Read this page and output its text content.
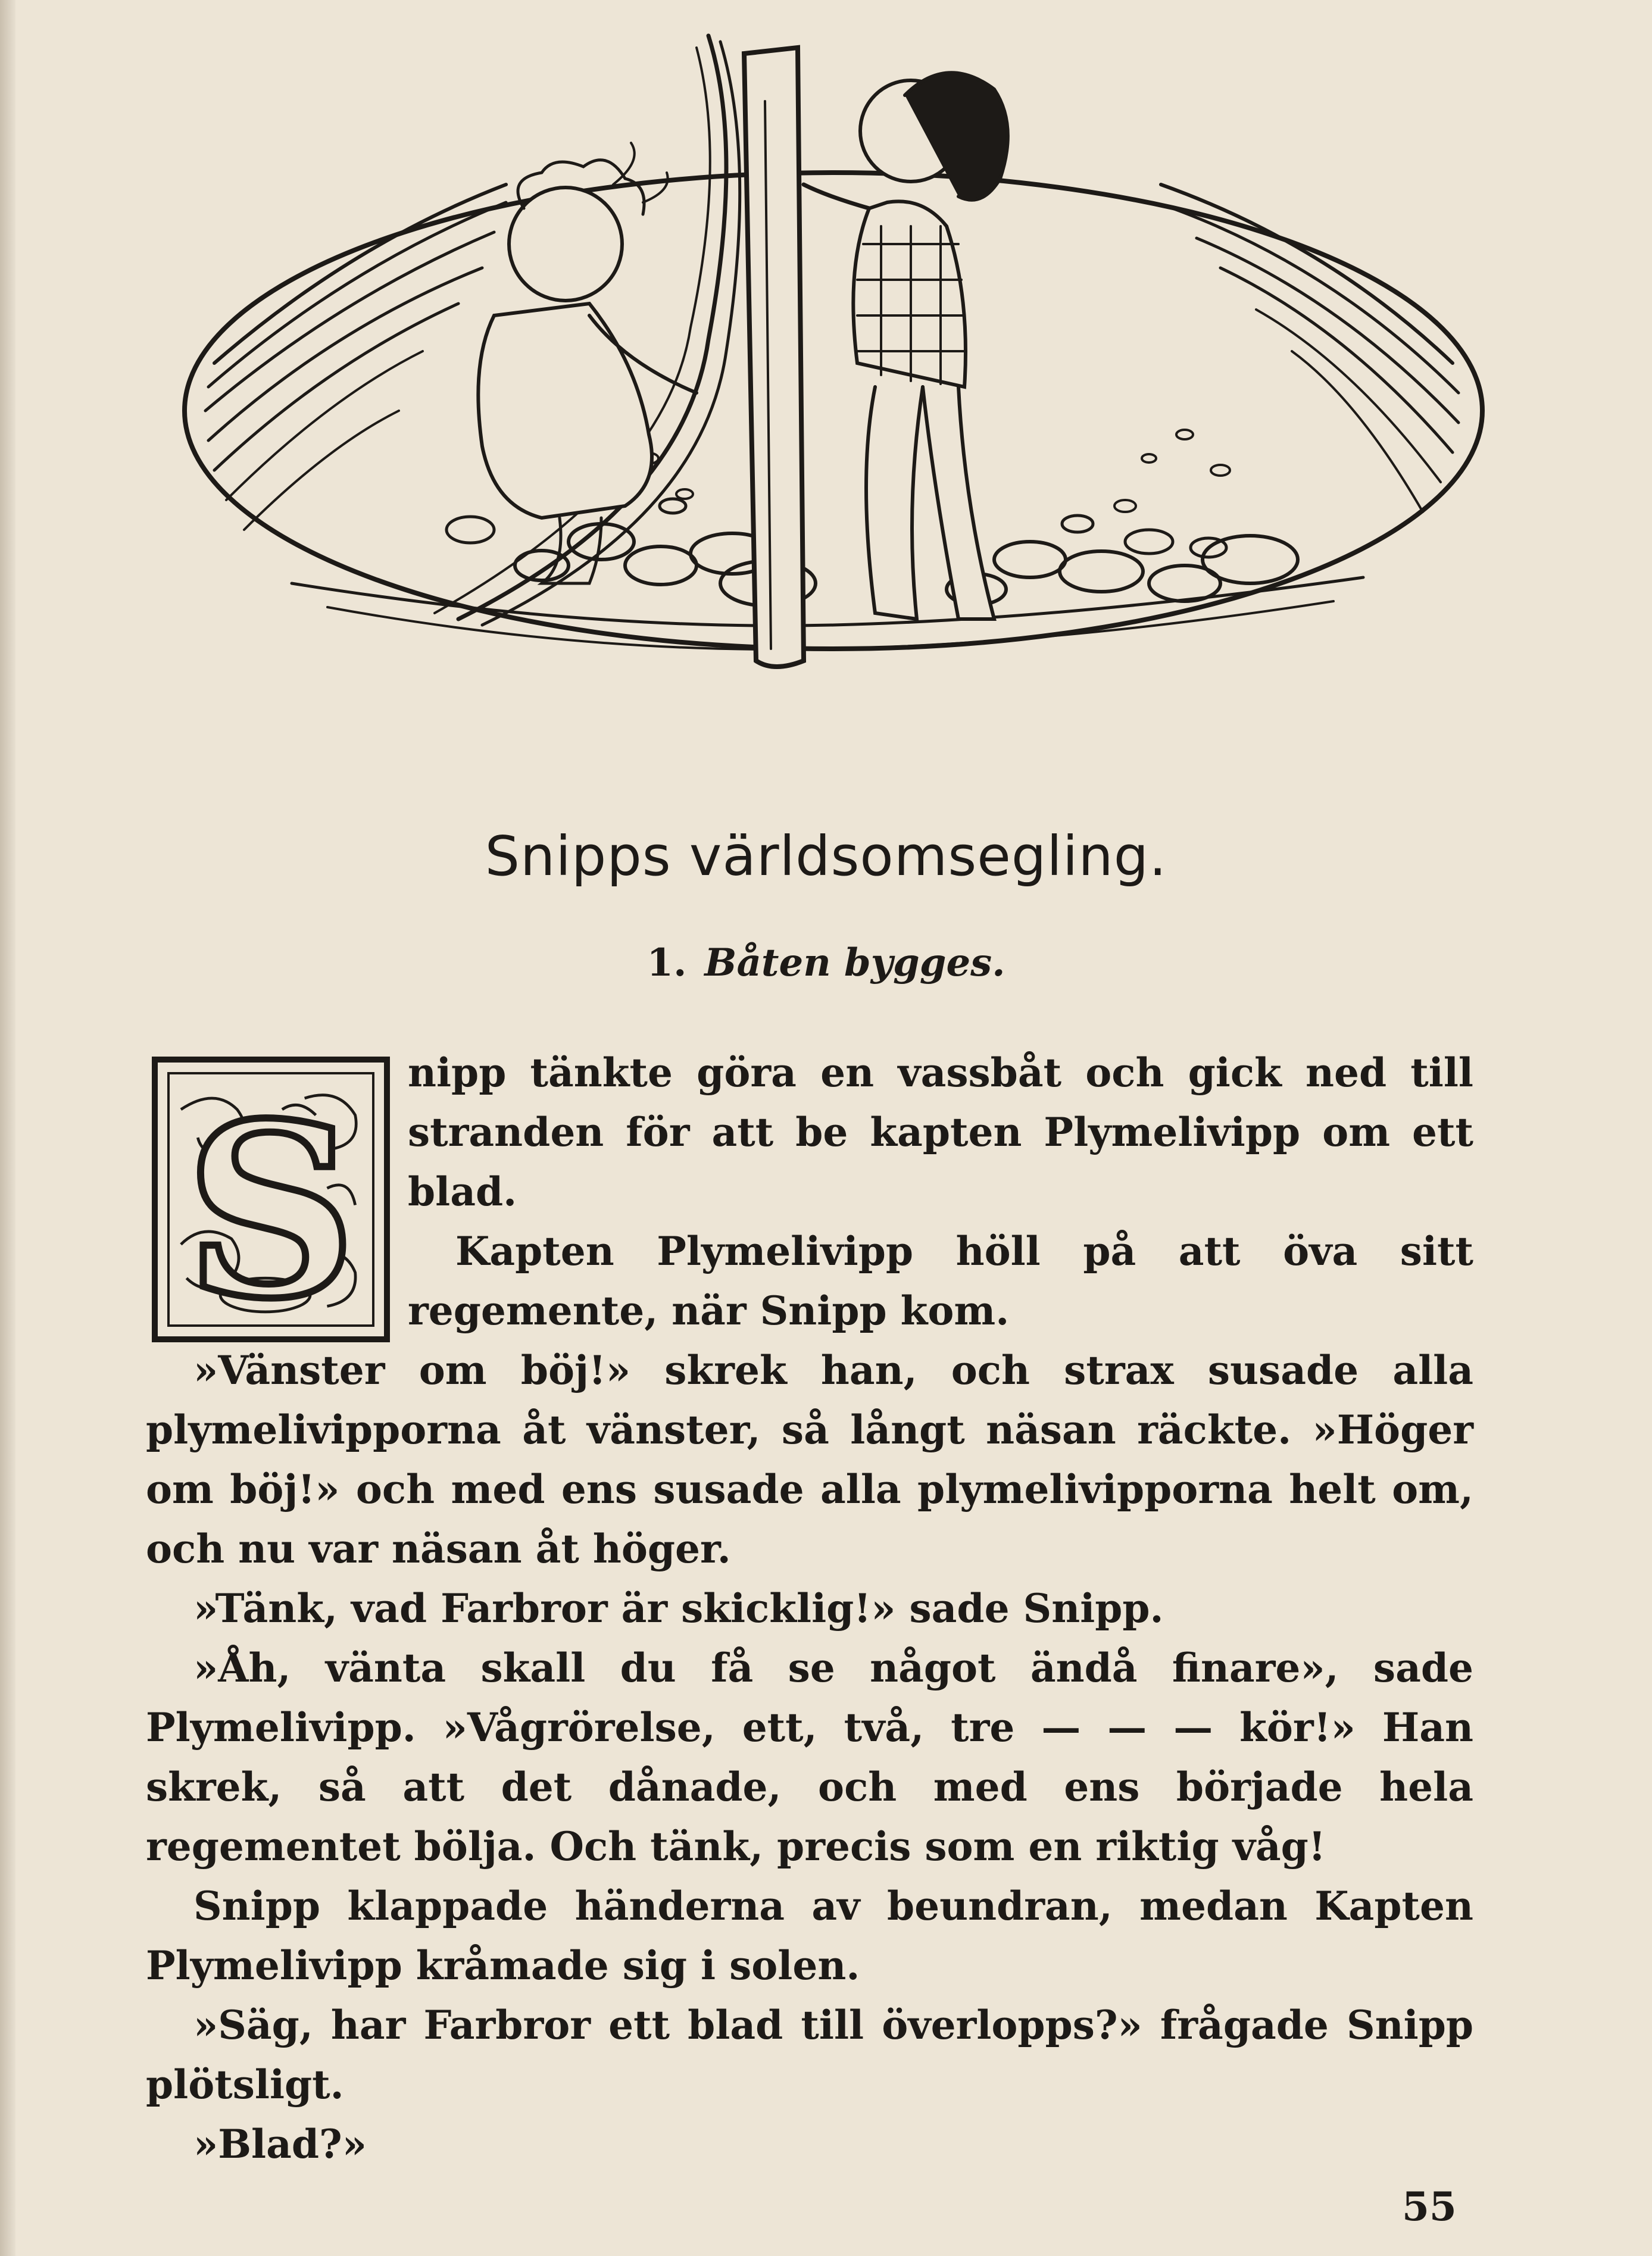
Snipps världsomsegling.
1. Båten bygges.
S	nipp tänkte göra en vassbåt och gick ned till stranden för att be kapten Plymelivipp om ett blad.

Kapten Plymelivipp höll på att öva sitt regemente, när Snipp kom.

»Vänster om böj!» skrek han, och strax susade alla plymelivipporna åt vänster, så långt näsan räckte. »Höger om böj!» och med ens susade alla plymelivipporna helt om, och nu var näsan åt höger.

»Tänk, vad Farbror är skicklig!» sade Snipp.

»Åh, vänta skall du få se något ändå finare», sade Plymelivipp. »Vågrörelse, ett, två, tre — — — kör!» Han skrek, så att det dånade, och med ens började hela regementet bölja. Och tänk, precis som en riktig våg!

Snipp klappade händerna av beundran, medan Kapten Plymelivipp kråmade sig i solen.

»Säg, har Farbror ett blad till överlopps?» frågade Snipp plötsligt.

»Blad?»

55
